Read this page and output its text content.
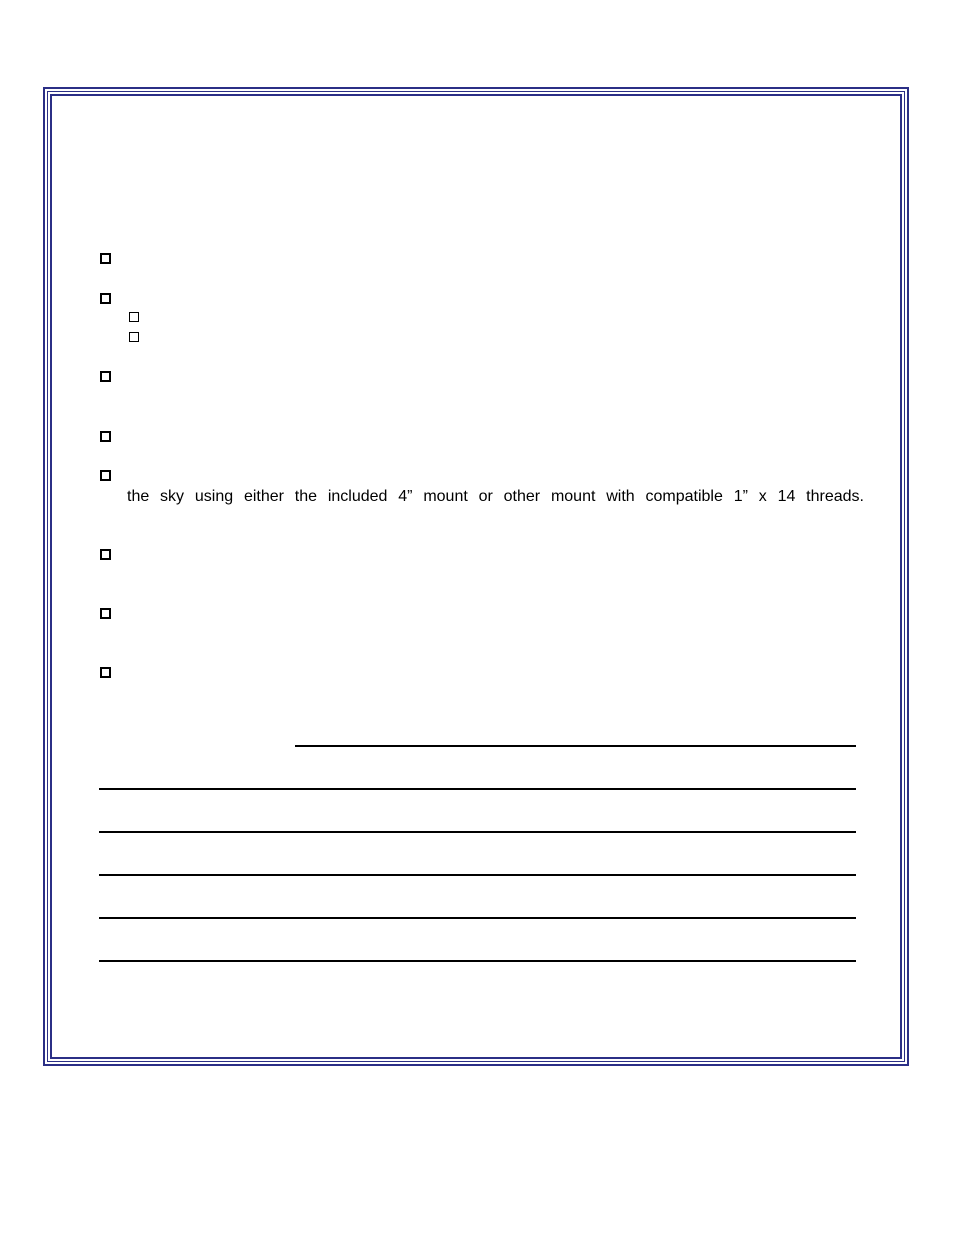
the sky using either the included 4” mount or other mount with compatible 1” x 14 threads.
